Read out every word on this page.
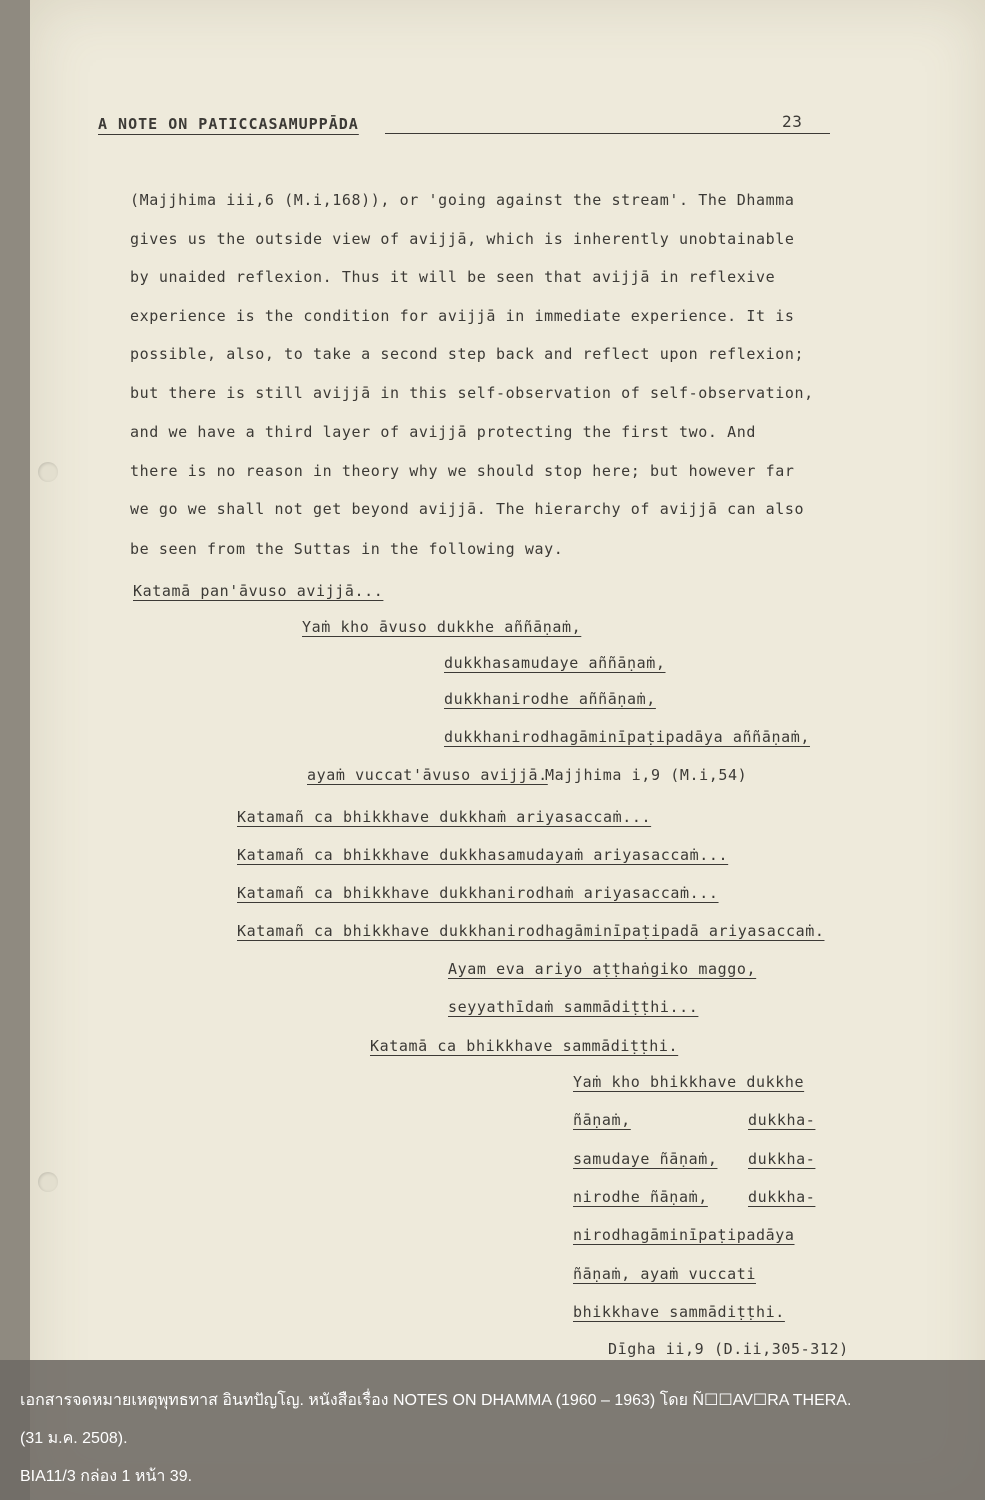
A NOTE ON PATICCASAMUPPĀDA	23
(Majjhima iii,6 (M.i,168)), or 'going against the stream'. The Dhamma
gives us the outside view of avijjā, which is inherently unobtainable
by unaided reflexion. Thus it will be seen that avijjā in reflexive
experience is the condition for avijjā in immediate experience. It is
possible, also, to take a second step back and reflect upon reflexion;
but there is still avijjā in this self-observation of self-observation,
and we have a third layer of avijjā protecting the first two. And
there is no reason in theory why we should stop here; but however far
we go we shall not get beyond avijjā. The hierarchy of avijjā can also
be seen from the Suttas in the following way.
Katamā pan'āvuso avijjā...
Yaṁ kho āvuso dukkhe aññāṇaṁ,
dukkhasamudaye aññāṇaṁ,
dukkhanirodhe aññāṇaṁ,
dukkhanirodhagāminīpaṭipadāya aññāṇaṁ,
ayaṁ vuccat'āvuso avijjā.
Majjhima i,9 (M.i,54)
Katamañ ca bhikkhave dukkhaṁ ariyasaccaṁ...
Katamañ ca bhikkhave dukkhasamudayaṁ ariyasaccaṁ...
Katamañ ca bhikkhave dukkhanirodhaṁ ariyasaccaṁ...
Katamañ ca bhikkhave dukkhanirodhagāminīpaṭipadā ariyasaccaṁ.
Ayam eva ariyo aṭṭhaṅgiko maggo,
seyyathīdaṁ sammādiṭṭhi...
Katamā ca bhikkhave sammādiṭṭhi.
Yaṁ kho bhikkhave dukkhe
ñāṇaṁ,	dukkha-
samudaye ñāṇaṁ, dukkha-
nirodhe ñāṇaṁ,	dukkha-
nirodhagāminīpaṭipadāya
ñāṇaṁ, ayaṁ vuccati
bhikkhave sammādiṭṭhi.
Dīgha ii,9 (D.ii,305-312)
เอกสารจดหมายเหตุพุทธทาส อินทปัญโญ. หนังสือเรื่อง NOTES ON DHAMMA (1960 – 1963) โดย Ñ☐☐AV☐RA THERA.
(31 ม.ค. 2508).
BIA11/3 กล่อง 1 หน้า 39.
